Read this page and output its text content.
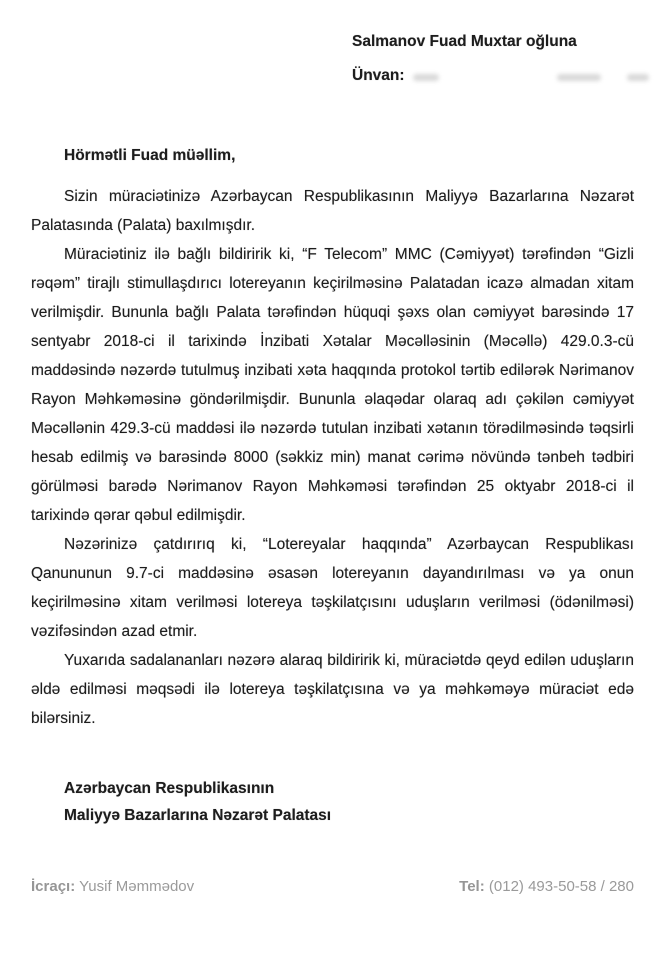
Salmanov Fuad Muxtar oğluna
Ünvan:
Hörmətli Fuad müəllim,

Sizin müraciətinizə Azərbaycan Respublikasının Maliyyə Bazarlarına Nəzarət Palatasında (Palata) baxılmışdır.

Müraciətiniz ilə bağlı bildiririk ki, “F Telecom” MMC (Cəmiyyət) tərəfindən “Gizli rəqəm” tirajlı stimullaşdırıcı lotereyanın keçirilməsinə Palatadan icazə almadan xitam verilmişdir. Bununla bağlı Palata tərəfindən hüquqi şəxs olan cəmiyyət barəsində 17 sentyabr 2018-ci il tarixində İnzibati Xətalar Məcəlləsinin (Məcəllə) 429.0.3-cü maddəsində nəzərdə tutulmuş inzibati xəta haqqında protokol tərtib edilərək Nərimanov Rayon Məhkəməsinə göndərilmişdir. Bununla əlaqədar olaraq adı çəkilən cəmiyyət Məcəllənin 429.3-cü maddəsi ilə nəzərdə tutulan inzibati xətanın törədilməsində təqsirli hesab edilmiş və barəsində 8000 (səkkiz min) manat cərimə növündə tənbeh tədbiri görülməsi barədə Nərimanov Rayon Məhkəməsi tərəfindən 25 oktyabr 2018-ci il tarixində qərar qəbul edilmişdir.

Nəzərinizə çatdırırıq ki, “Lotereyalar haqqında” Azərbaycan Respublikası Qanununun 9.7-ci maddəsinə əsasən lotereyanın dayandırılması və ya onun keçirilməsinə xitam verilməsi lotereya təşkilatçısını uduşların verilməsi (ödənilməsi) vəzifəsindən azad etmir.

Yuxarıda sadalananları nəzərə alaraq bildiririk ki, müraciətdə qeyd edilən uduşların əldə edilməsi məqsədi ilə lotereya təşkilatçısına və ya məhkəməyə müraciət edə bilərsiniz.

Azərbaycan Respublikasının
Maliyyə Bazarlarına Nəzarət Palatası
İcraçı: Yusif Məmmədov	Tel: (012) 493-50-58 / 280
